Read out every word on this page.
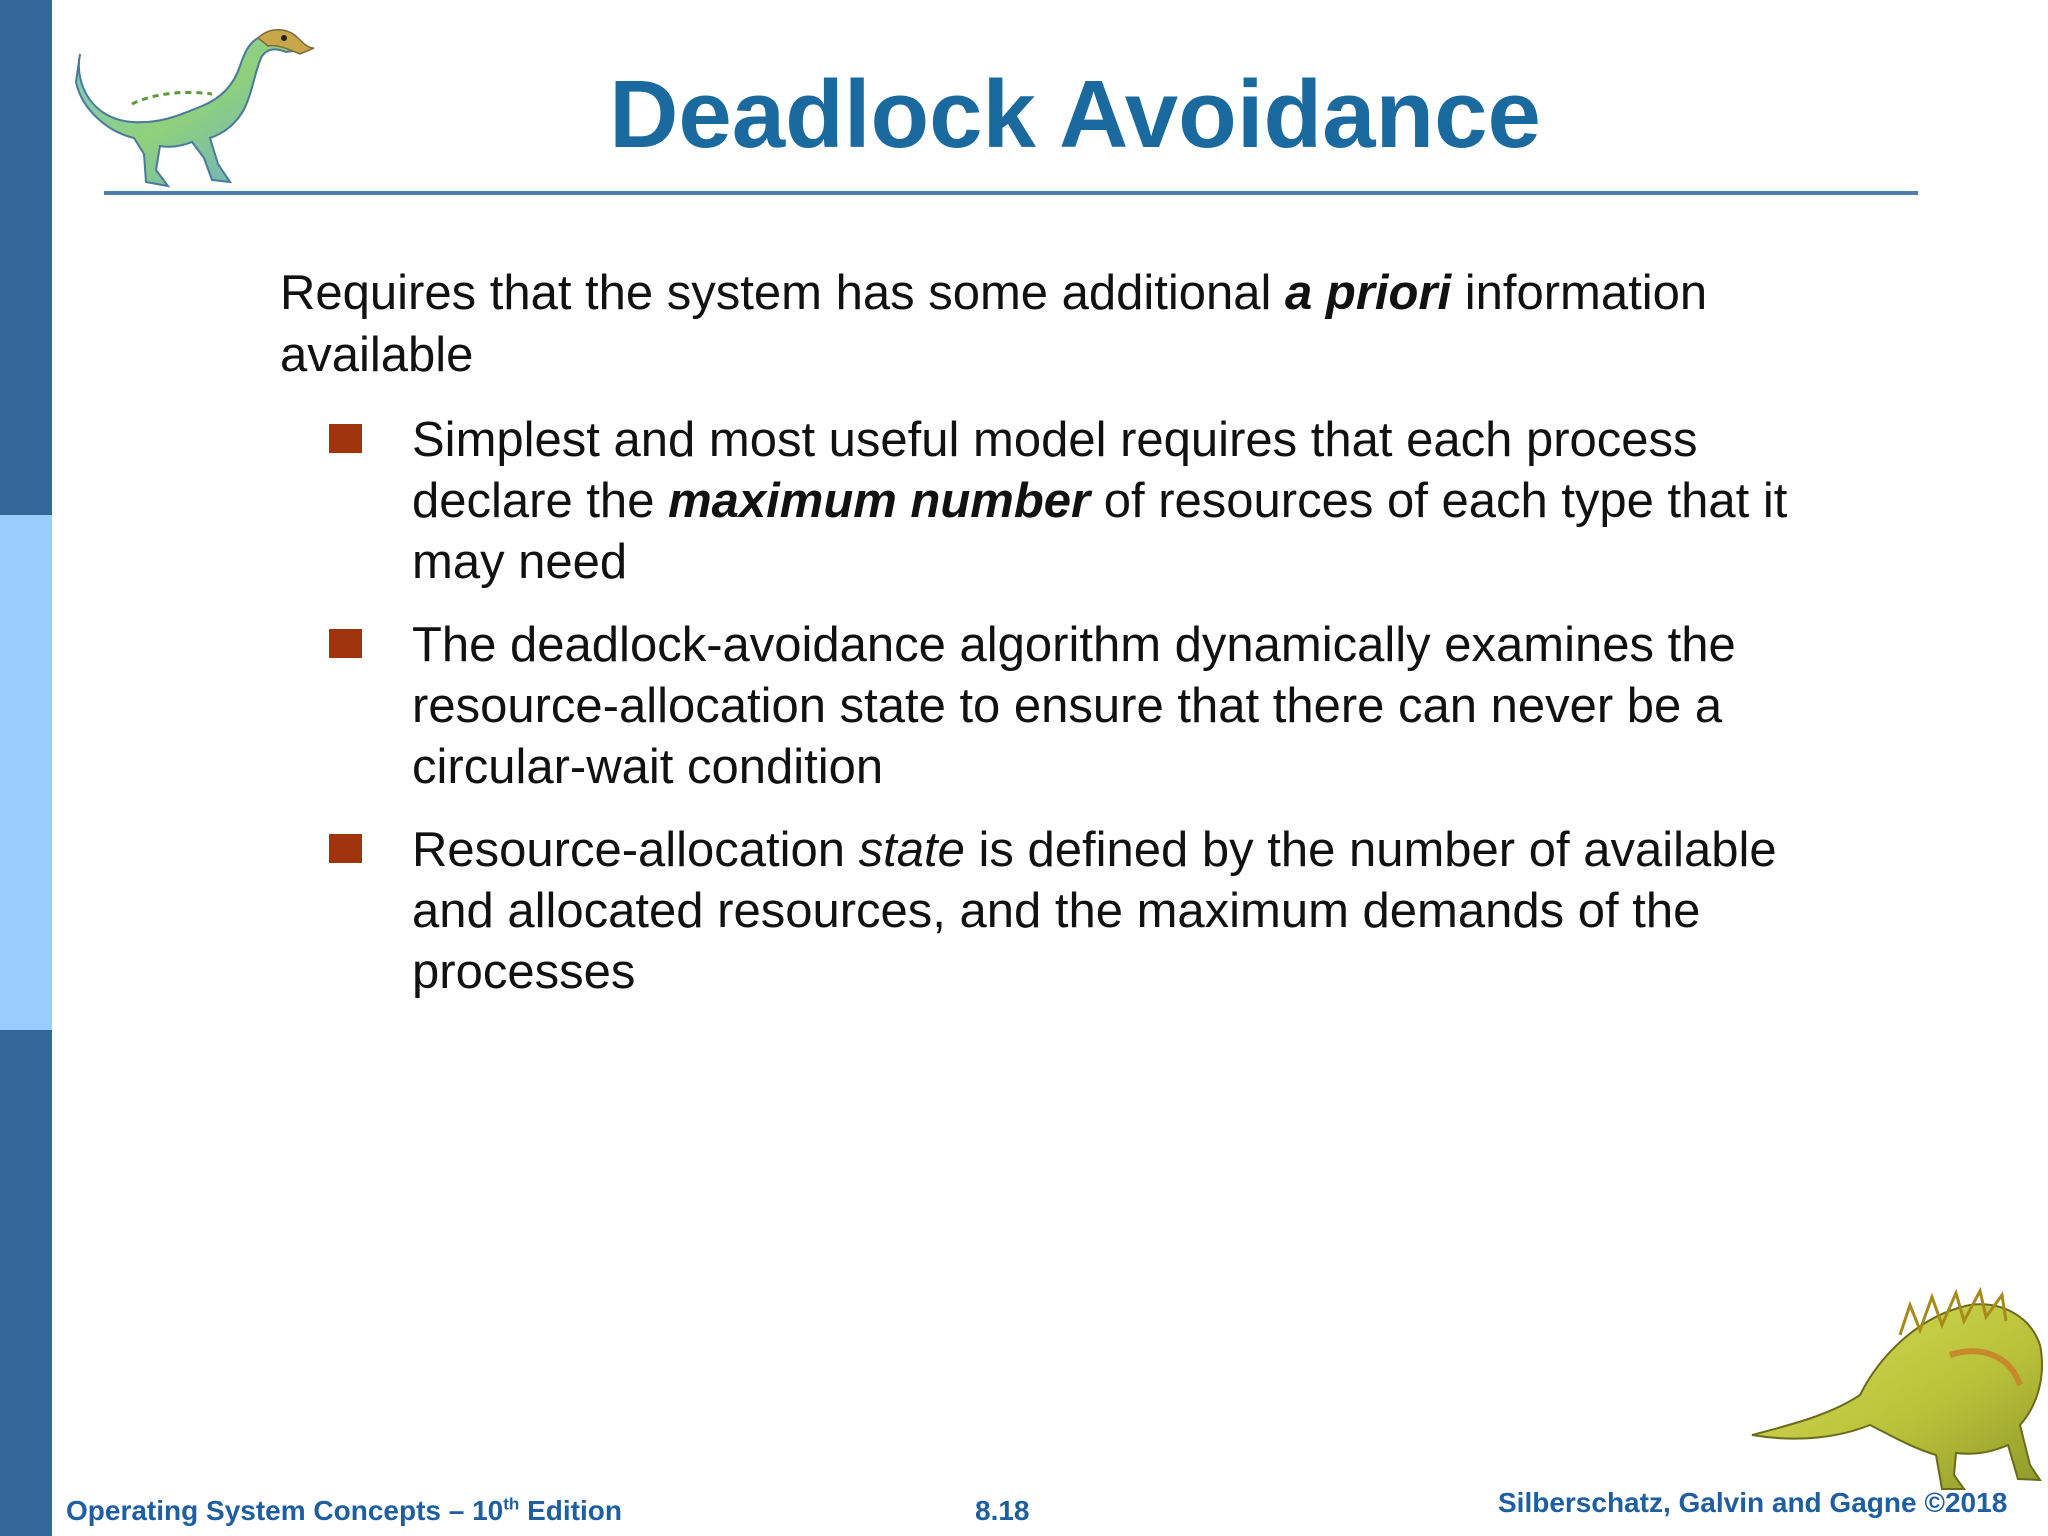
Deadlock Avoidance

Requires that the system has some additional a priori information available

Simplest and most useful model requires that each process declare the maximum number of resources of each type that it may need
The deadlock-avoidance algorithm dynamically examines the resource-allocation state to ensure that there can never be a circular-wait condition
Resource-allocation state is defined by the number of available and allocated resources, and the maximum demands of the processes
Operating System Concepts – 10th Edition	8.18	Silberschatz, Galvin and Gagne ©2018
